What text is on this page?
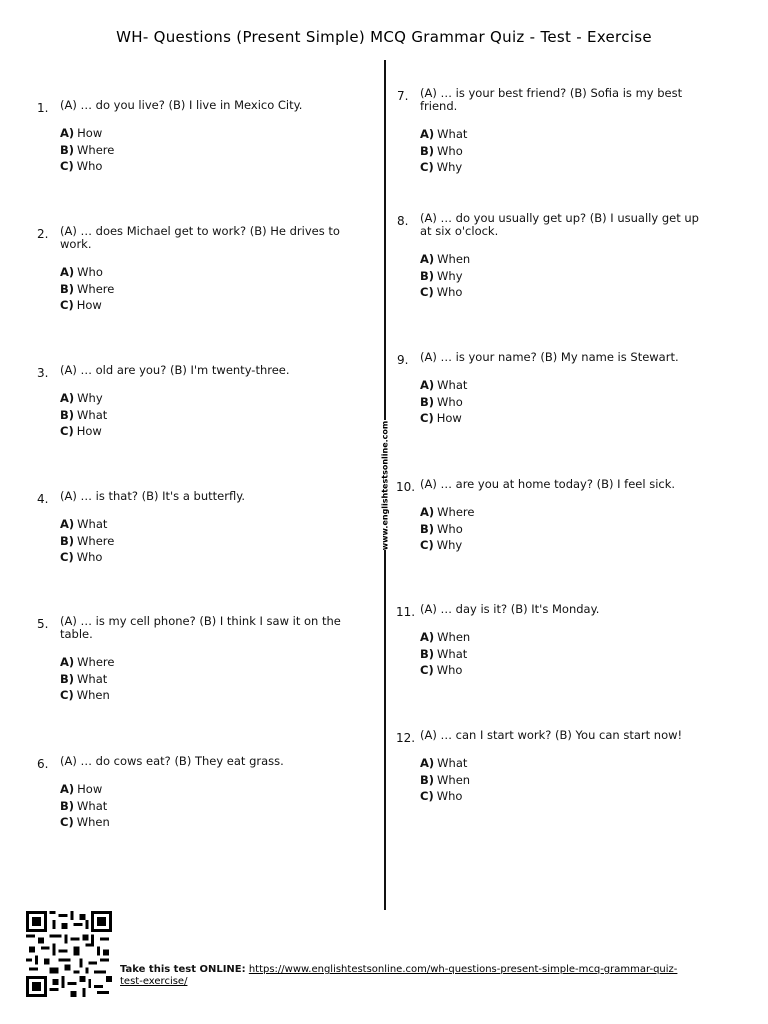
WH- Questions (Present Simple) MCQ Grammar Quiz - Test - Exercise
www.englishtestsonline.com
1. (A) … do you live? (B) I live in Mexico City.
A) How
B) Where
C) Who
2. (A) … does Michael get to work? (B) He drives to work.
A) Who
B) Where
C) How
3. (A) … old are you? (B) I'm twenty-three.
A) Why
B) What
C) How
4. (A) … is that? (B) It's a butterfly.
A) What
B) Where
C) Who
5. (A) … is my cell phone? (B) I think I saw it on the table.
A) Where
B) What
C) When
6. (A) … do cows eat? (B) They eat grass.
A) How
B) What
C) When
7. (A) … is your best friend? (B) Sofia is my best friend.
A) What
B) Who
C) Why
8. (A) … do you usually get up? (B) I usually get up at six o'clock.
A) When
B) Why
C) Who
9. (A) … is your name? (B) My name is Stewart.
A) What
B) Who
C) How
10. (A) … are you at home today? (B) I feel sick.
A) Where
B) Who
C) Why
11. (A) … day is it? (B) It's Monday.
A) When
B) What
C) Who
12. (A) … can I start work? (B) You can start now!
A) What
B) When
C) Who
Take this test ONLINE: https://www.englishtestsonline.com/wh-questions-present-simple-mcq-grammar-quiz-test-exercise/
